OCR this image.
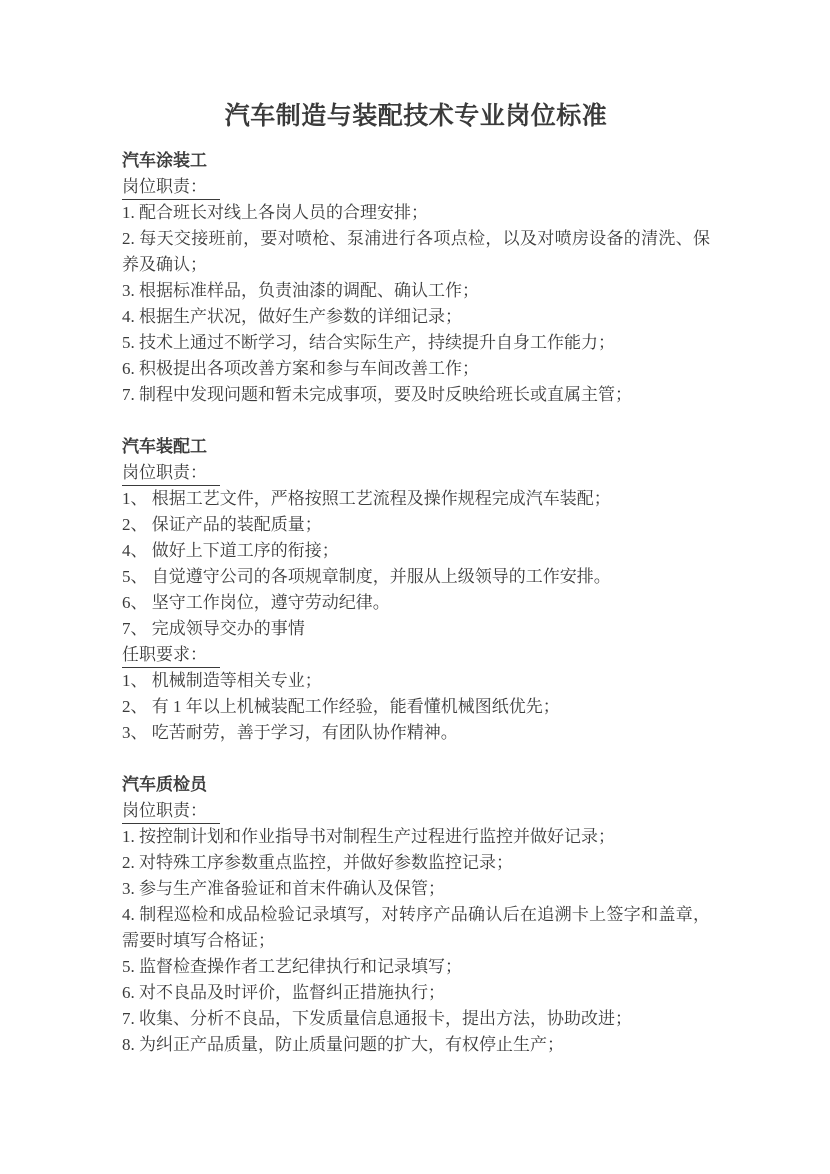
汽车制造与装配技术专业岗位标准
汽车涂装工

岗位职责：

1. 配合班长对线上各岗人员的合理安排；

2. 每天交接班前，要对喷枪、泵浦进行各项点检，以及对喷房设备的清洗、保养及确认；

3. 根据标准样品，负责油漆的调配、确认工作；

4. 根据生产状况，做好生产参数的详细记录；

5. 技术上通过不断学习，结合实际生产，持续提升自身工作能力；

6. 积极提出各项改善方案和参与车间改善工作；

7. 制程中发现问题和暂未完成事项，要及时反映给班长或直属主管；

汽车装配工

岗位职责：

1、 根据工艺文件，严格按照工艺流程及操作规程完成汽车装配；

2、 保证产品的装配质量；

4、 做好上下道工序的衔接；

5、 自觉遵守公司的各项规章制度，并服从上级领导的工作安排。

6、 坚守工作岗位，遵守劳动纪律。

7、 完成领导交办的事情

任职要求：

1、 机械制造等相关专业；

2、 有 1 年以上机械装配工作经验，能看懂机械图纸优先；

3、 吃苦耐劳，善于学习，有团队协作精神。

汽车质检员

岗位职责：

1. 按控制计划和作业指导书对制程生产过程进行监控并做好记录；

2. 对特殊工序参数重点监控，并做好参数监控记录；

3. 参与生产准备验证和首末件确认及保管；

4. 制程巡检和成品检验记录填写，对转序产品确认后在追溯卡上签字和盖章，需要时填写合格证；

5. 监督检查操作者工艺纪律执行和记录填写；

6. 对不良品及时评价，监督纠正措施执行；

7. 收集、分析不良品，下发质量信息通报卡，提出方法，协助改进；

8. 为纠正产品质量，防止质量问题的扩大，有权停止生产；
